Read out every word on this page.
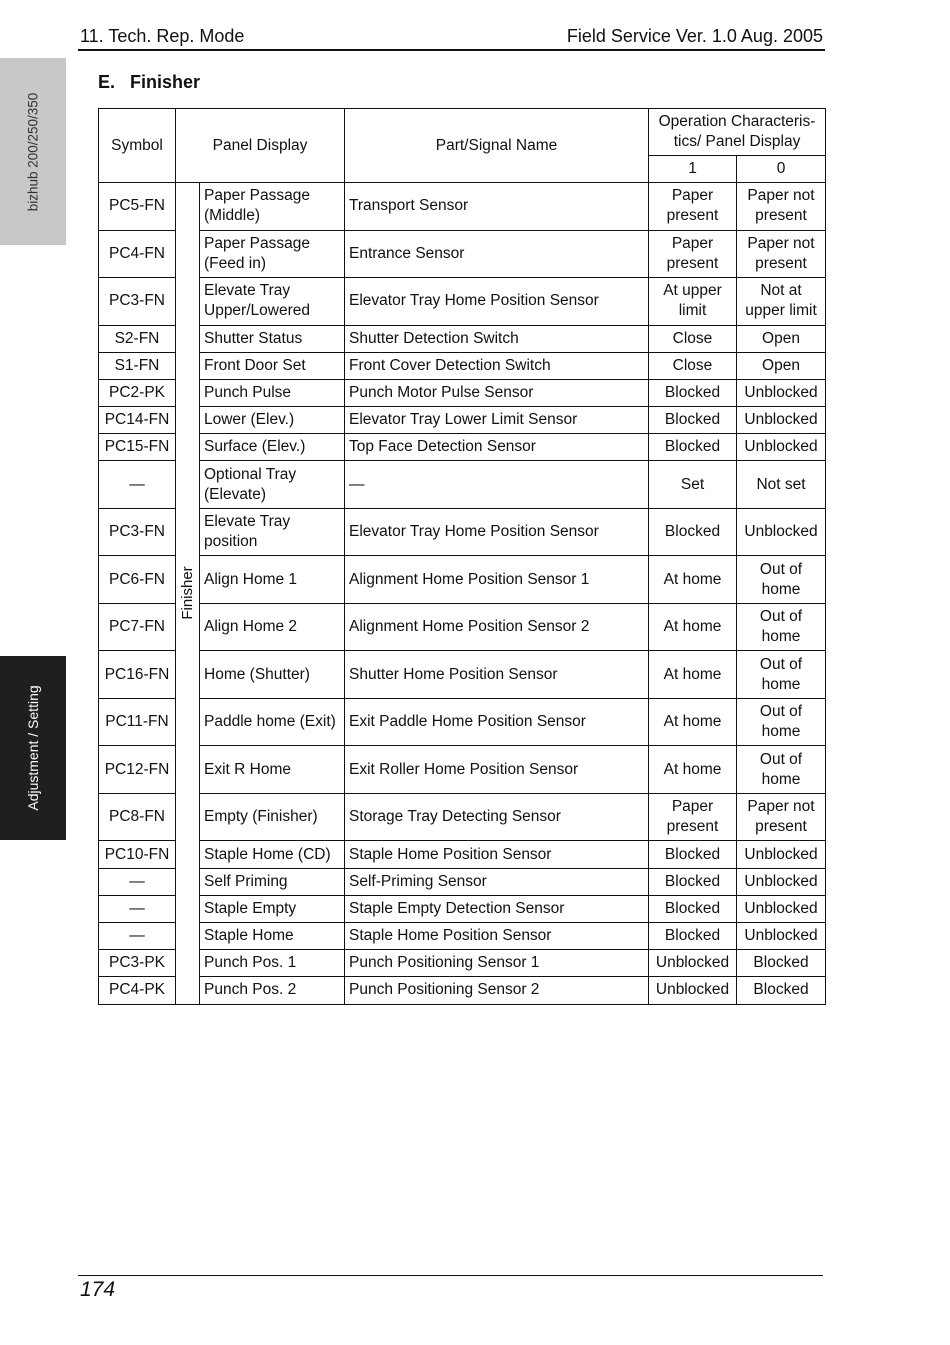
11. Tech. Rep. Mode	Field Service Ver. 1.0 Aug. 2005
bizhub 200/250/350
Adjustment / Setting
E.   Finisher
Symbol	Panel Display		Part/Signal Name	Operation Characteris- tics/ Panel Display	
				1	0
PC5-FN	Finisher	Paper Passage (Middle)	Transport Sensor	Paper present	Paper not present
PC4-FN		Paper Passage (Feed in)	Entrance Sensor	Paper present	Paper not present
PC3-FN		Elevate Tray Upper/Lowered	Elevator Tray Home Position Sensor	At upper limit	Not at upper limit
S2-FN		Shutter Status	Shutter Detection Switch	Close	Open
S1-FN		Front Door Set	Front Cover Detection Switch	Close	Open
PC2-PK		Punch Pulse	Punch Motor Pulse Sensor	Blocked	Unblocked
PC14-FN		Lower (Elev.)	Elevator Tray Lower Limit Sensor	Blocked	Unblocked
PC15-FN		Surface (Elev.)	Top Face Detection Sensor	Blocked	Unblocked
—		Optional Tray (Elevate)	—	Set	Not set
PC3-FN		Elevate Tray position	Elevator Tray Home Position Sensor	Blocked	Unblocked
PC6-FN		Align Home 1	Alignment Home Position Sensor 1	At home	Out of home
PC7-FN		Align Home 2	Alignment Home Position Sensor 2	At home	Out of home
PC16-FN		Home (Shutter)	Shutter Home Position Sensor	At home	Out of home
PC11-FN		Paddle home (Exit)	Exit Paddle Home Position Sensor	At home	Out of home
PC12-FN		Exit R Home	Exit Roller Home Position Sensor	At home	Out of home
PC8-FN		Empty (Finisher)	Storage Tray Detecting Sensor	Paper present	Paper not present
PC10-FN		Staple Home (CD)	Staple Home Position Sensor	Blocked	Unblocked
—		Self Priming	Self-Priming Sensor	Blocked	Unblocked
—		Staple Empty	Staple Empty Detection Sensor	Blocked	Unblocked
—		Staple Home	Staple Home Position Sensor	Blocked	Unblocked
PC3-PK		Punch Pos. 1	Punch Positioning Sensor 1	Unblocked	Blocked
PC4-PK		Punch Pos. 2	Punch Positioning Sensor 2	Unblocked	Blocked
174
